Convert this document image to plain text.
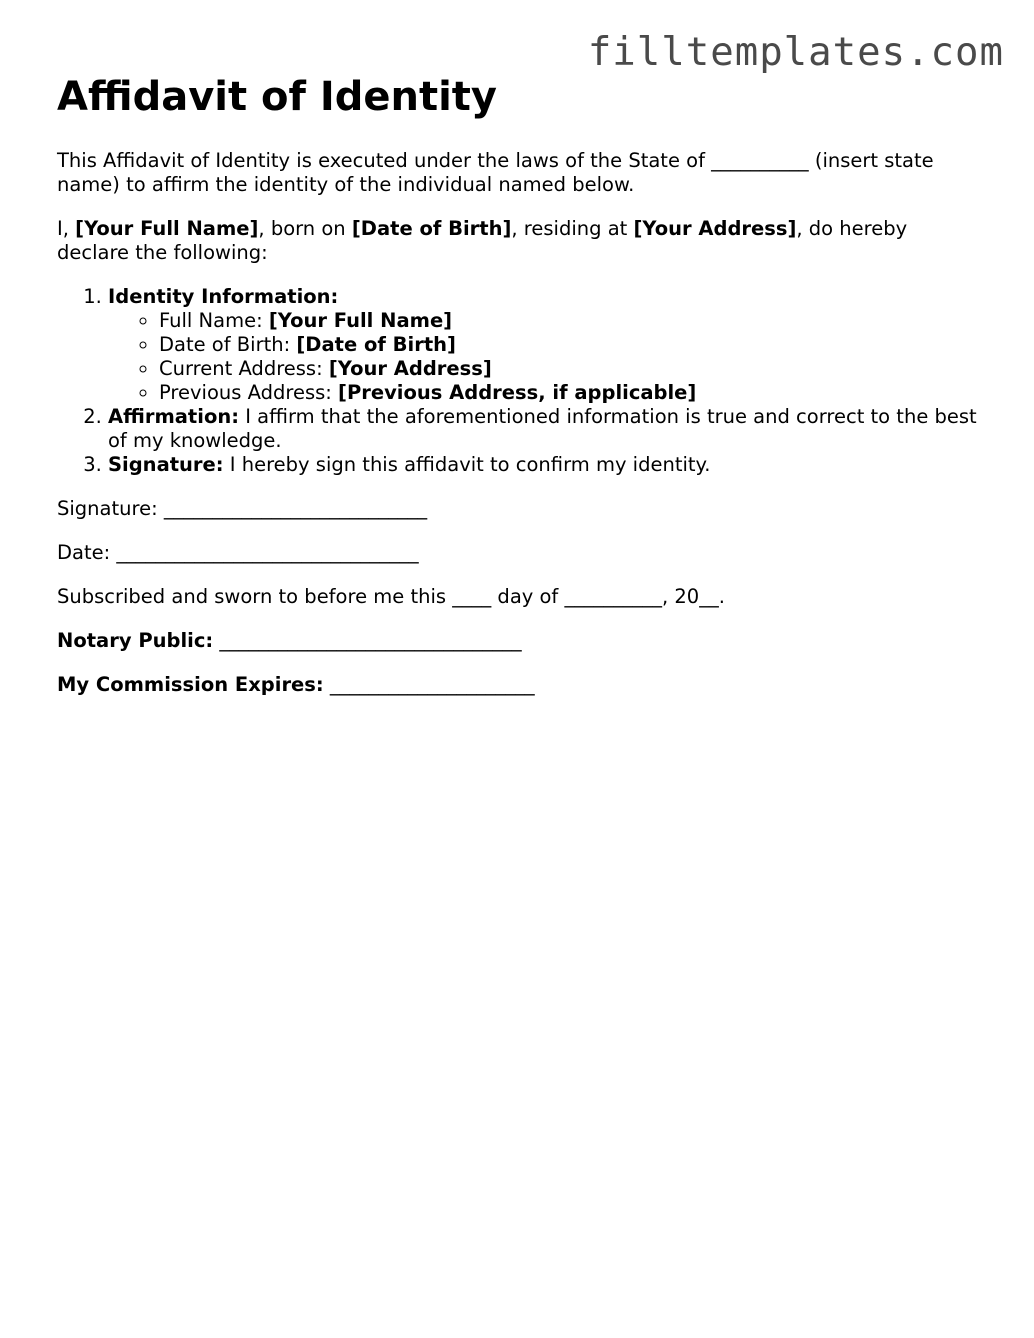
filltemplates.com
Affidavit of Identity

This Affidavit of Identity is executed under the laws of the State of __________ (insert state name) to affirm the identity of the individual named below.

I, [Your Full Name], born on [Date of Birth], residing at [Your Address], do hereby declare the following:

1. Identity Information:
◦ Full Name: [Your Full Name]
◦ Date of Birth: [Date of Birth]
◦ Current Address: [Your Address]
◦ Previous Address: [Previous Address, if applicable]
2. Affirmation: I affirm that the aforementioned information is true and correct to the best of my knowledge.
3. Signature: I hereby sign this affidavit to confirm my identity.

Signature: ___________________________

Date: _______________________________

Subscribed and sworn to before me this ____ day of __________, 20__.

Notary Public: _______________________________

My Commission Expires: _____________________
